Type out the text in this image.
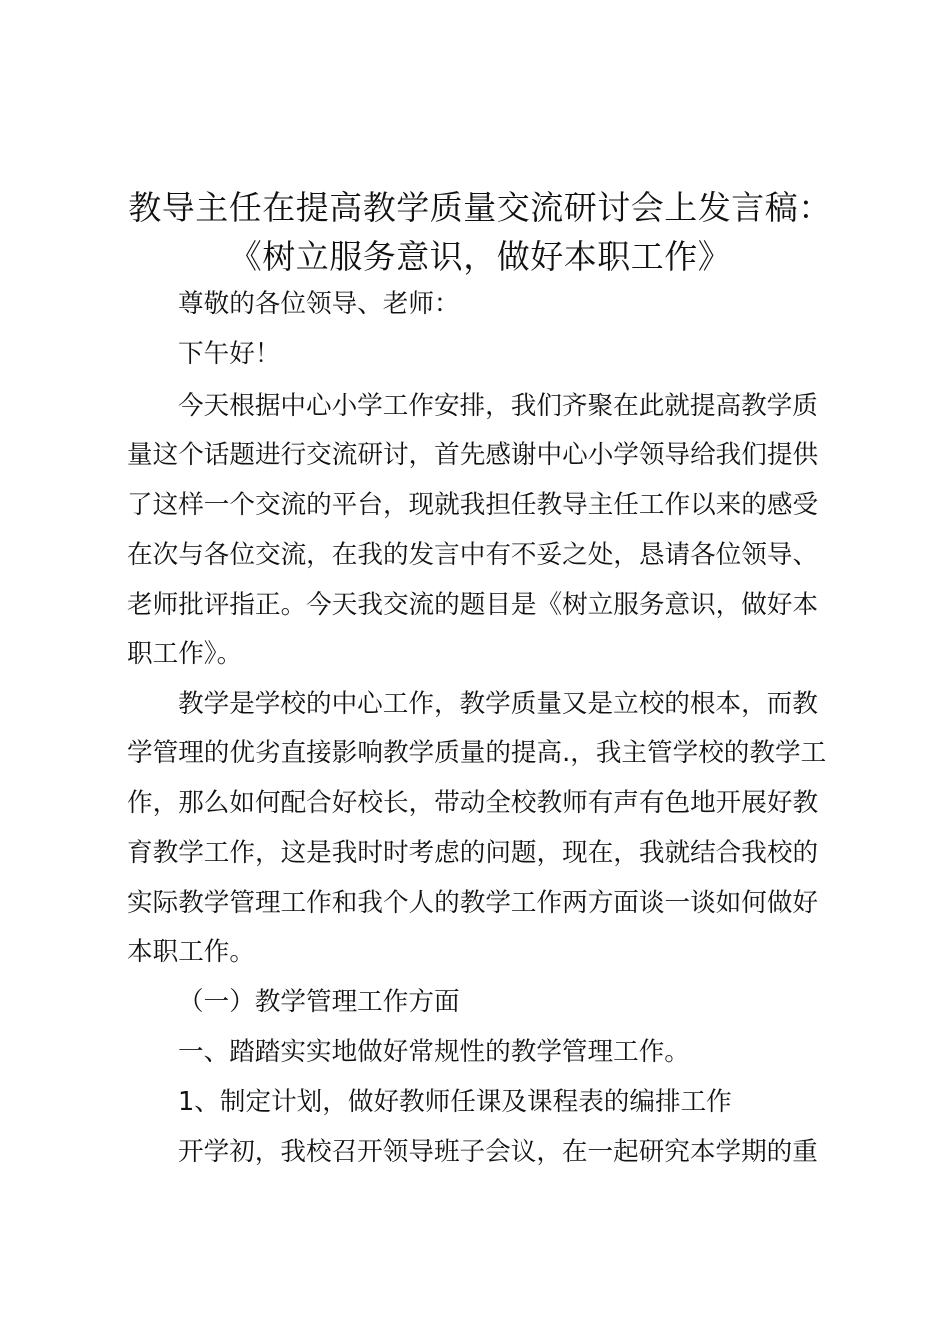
教导主任在提高教学质量交流研讨会上发言稿：
《树立服务意识，做好本职工作》

尊敬的各位领导、老师：

下午好！

今天根据中心小学工作安排，我们齐聚在此就提高教学质

量这个话题进行交流研讨，首先感谢中心小学领导给我们提供

了这样一个交流的平台，现就我担任教导主任工作以来的感受

在次与各位交流，在我的发言中有不妥之处，恳请各位领导、

老师批评指正。今天我交流的题目是《树立服务意识，做好本

职工作》。

教学是学校的中心工作，教学质量又是立校的根本，而教

学管理的优劣直接影响教学质量的提高.，我主管学校的教学工

作，那么如何配合好校长，带动全校教师有声有色地开展好教

育教学工作，这是我时时考虑的问题，现在，我就结合我校的

实际教学管理工作和我个人的教学工作两方面谈一谈如何做好

本职工作。

（一）教学管理工作方面

一、踏踏实实地做好常规性的教学管理工作。

1、制定计划，做好教师任课及课程表的编排工作

开学初，我校召开领导班子会议，在一起研究本学期的重
